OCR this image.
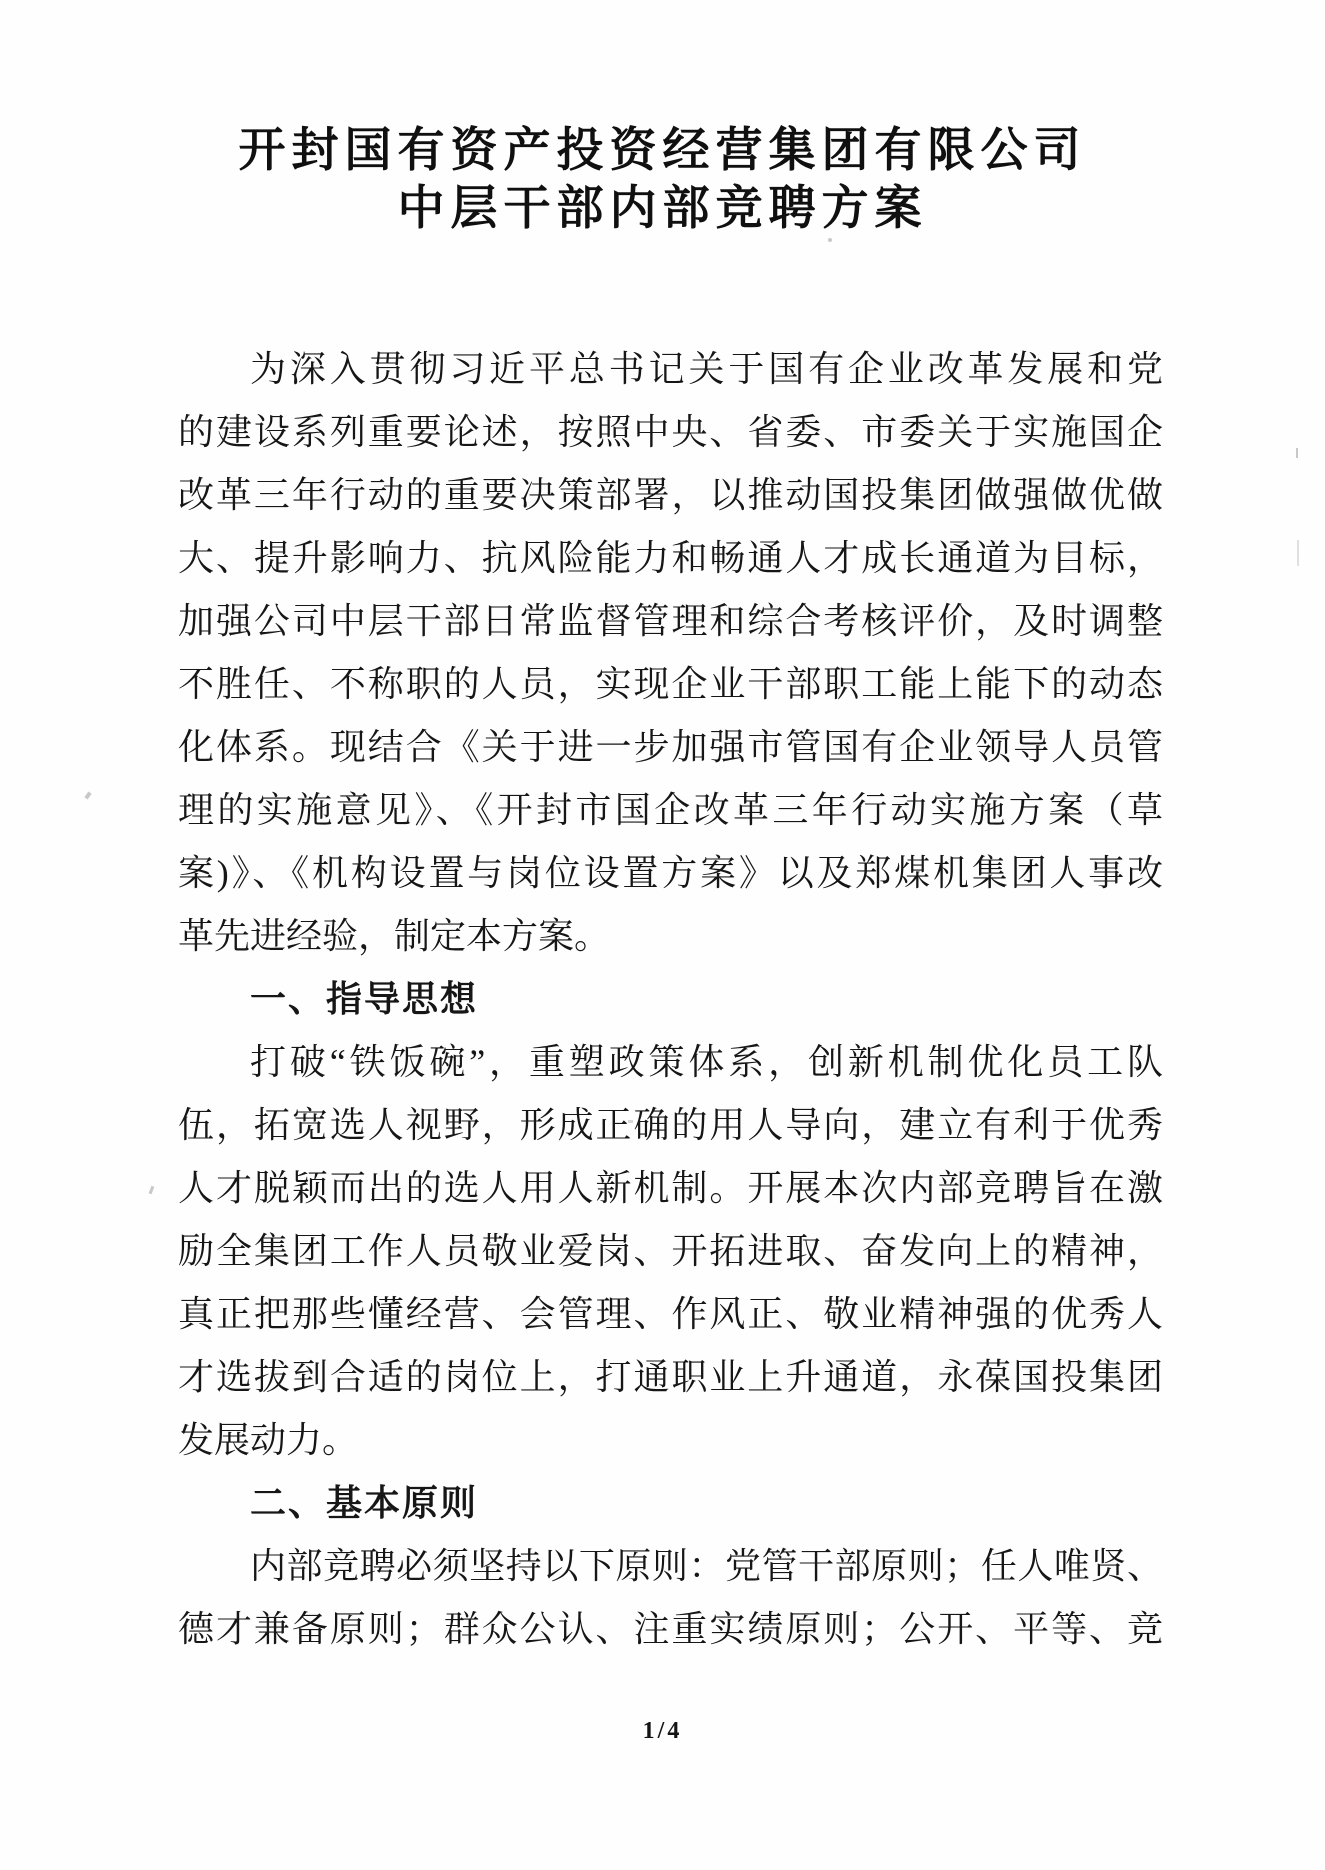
开封国有资产投资经营集团有限公司
中层干部内部竞聘方案
为深入贯彻习近平总书记关于国有企业改革发展和党
的建设系列重要论述，按照中央、省委、市委关于实施国企
改革三年行动的重要决策部署，以推动国投集团做强做优做
大、提升影响力、抗风险能力和畅通人才成长通道为目标，
加强公司中层干部日常监督管理和综合考核评价，及时调整
不胜任、不称职的人员，实现企业干部职工能上能下的动态
化体系。现结合《关于进一步加强市管国有企业领导人员管
理的实施意见》、《开封市国企改革三年行动实施方案（草
案)》、《机构设置与岗位设置方案》以及郑煤机集团人事改
革先进经验，制定本方案。
一、指导思想
打破“铁饭碗”，重塑政策体系，创新机制优化员工队
伍，拓宽选人视野，形成正确的用人导向，建立有利于优秀
人才脱颖而出的选人用人新机制。开展本次内部竞聘旨在激
励全集团工作人员敬业爱岗、开拓进取、奋发向上的精神，
真正把那些懂经营、会管理、作风正、敬业精神强的优秀人
才选拔到合适的岗位上，打通职业上升通道，永葆国投集团
发展动力。
二、基本原则
内部竞聘必须坚持以下原则：党管干部原则；任人唯贤、
德才兼备原则；群众公认、注重实绩原则；公开、平等、竞
1/4
